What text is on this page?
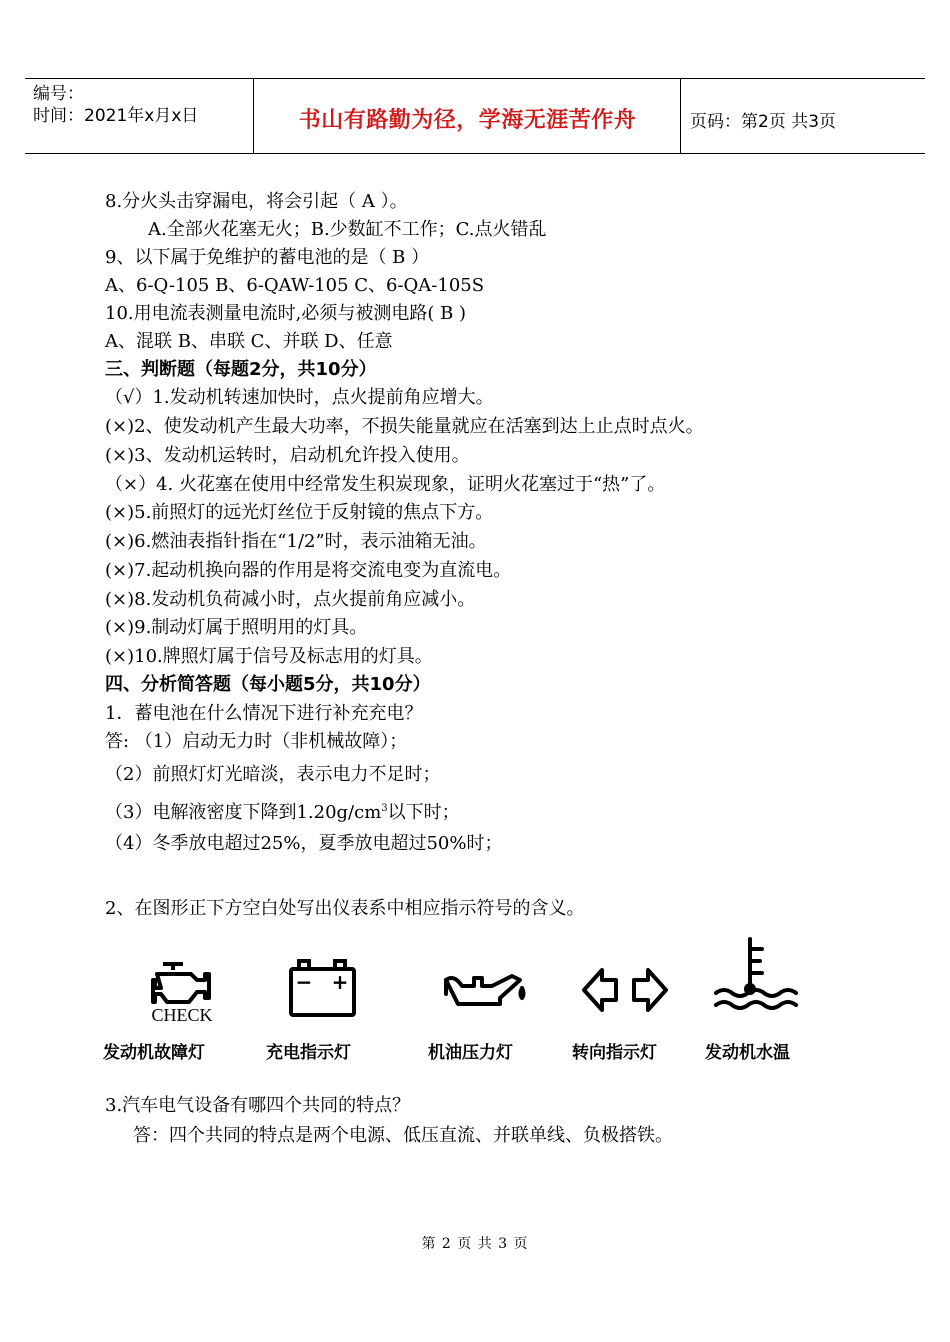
编号：
时间：2021年x月x日	书山有路勤为径，学海无涯苦作舟	页码：第2页 共3页
8.分火头击穿漏电，将会引起（ A ）。
A.全部火花塞无火；B.少数缸不工作；C.点火错乱
9、以下属于免维护的蓄电池的是（ B ）
A、6-Q-105 B、6-QAW-105 C、6-QA-105S
10.用电流表测量电流时,必须与被测电路( B )
A、混联 B、串联 C、并联 D、任意
三、判断题（每题2分，共10分）
（√）1.发动机转速加快时，点火提前角应增大。
(×)2、使发动机产生最大功率，不损失能量就应在活塞到达上止点时点火。
(×)3、发动机运转时，启动机允许投入使用。
（×）4. 火花塞在使用中经常发生积炭现象，证明火花塞过于“热”了。
(×)5.前照灯的远光灯丝位于反射镜的焦点下方。
(×)6.燃油表指针指在“1/2”时，表示油箱无油。
(×)7.起动机换向器的作用是将交流电变为直流电。
(×)8.发动机负荷减小时，点火提前角应减小。
(×)9.制动灯属于照明用的灯具。
(×)10.牌照灯属于信号及标志用的灯具。
四、分析简答题（每小题5分，共10分）
1．蓄电池在什么情况下进行补充充电？
答: （1）启动无力时（非机械故障）；
（2）前照灯灯光暗淡，表示电力不足时；
（3）电解液密度下降到$1.20g/cm^3$以下时；
（4）冬季放电超过25%，夏季放电超过50%时；
2、在图形正下方空白处写出仪表系中相应指示符号的含义。
CHECK
− +
发动机故障灯	充电指示灯	机油压力灯	转向指示灯	发动机水温
3.汽车电气设备有哪四个共同的特点？
答：四个共同的特点是两个电源、低压直流、并联单线、负极搭铁。
第 2 页 共 3 页
